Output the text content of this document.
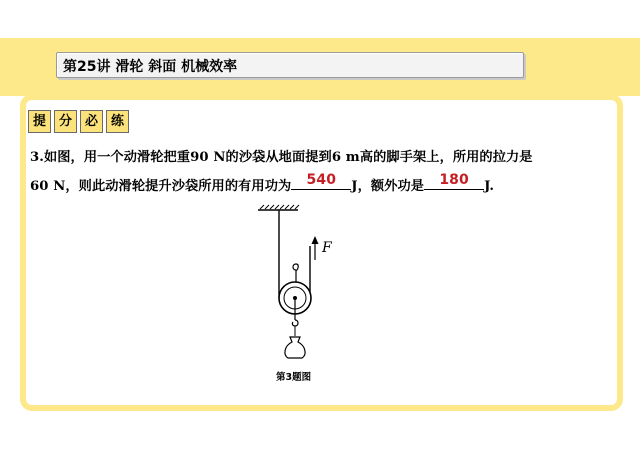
第25讲 滑轮 斜面 机械效率
提 分 必 练
3.如图，用一个动滑轮把重90 N的沙袋从地面提到6 m高的脚手架上，所用的拉力是
60 N，则此动滑轮提升沙袋所用的有用功为	540	J，额外功是	180	J.
F
第3题图
